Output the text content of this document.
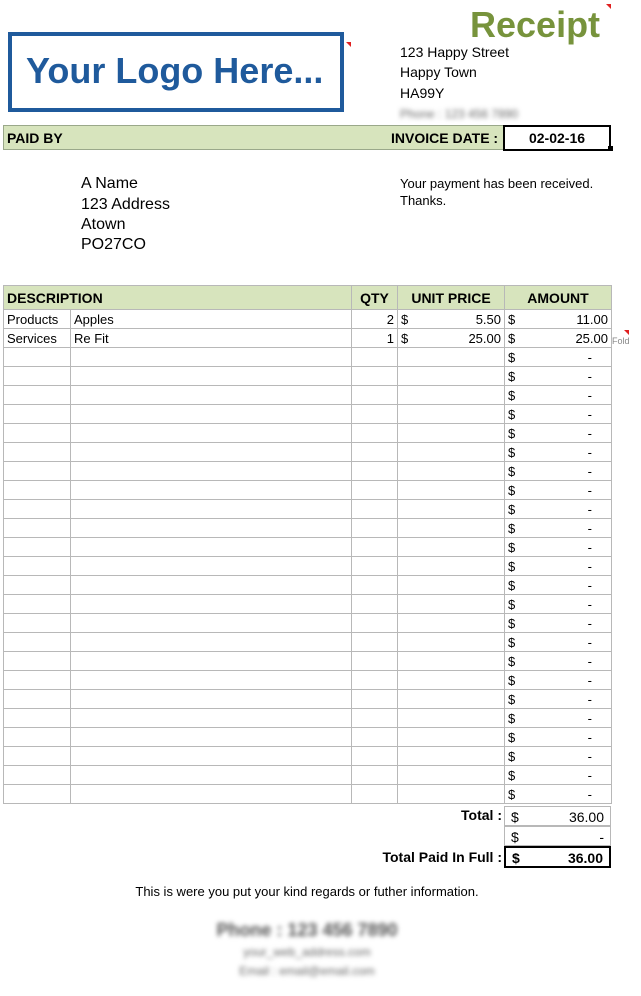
Your Logo Here...
Receipt
123 Happy Street
Happy Town
HA99Y
Phone : 123 456 7890
PAID BY	INVOICE DATE :	02-02-16
A Name
123 Address
Atown
PO27CO
Your payment has been received.
Thanks.
DESCRIPTION		QTY	UNIT PRICE	AMOUNT
Products	Apples	2	$ 5.50	$ 11.00
Services	Re Fit	1	$ 25.00	$ 25.00

				$ -

				$ -

				$ -

				$ -

				$ -

				$ -

				$ -

				$ -

				$ -

				$ -

				$ -

				$ -

				$ -

				$ -

				$ -

				$ -

				$ -

				$ -

				$ -

				$ -

				$ -

				$ -

				$ -

				$ -
Fold
Total : $	36.00
$	-
Total Paid In Full : $	36.00
This is were you put your kind regards or futher information.
Phone : 123 456 7890
your_web_address.com
Email : email@email.com
